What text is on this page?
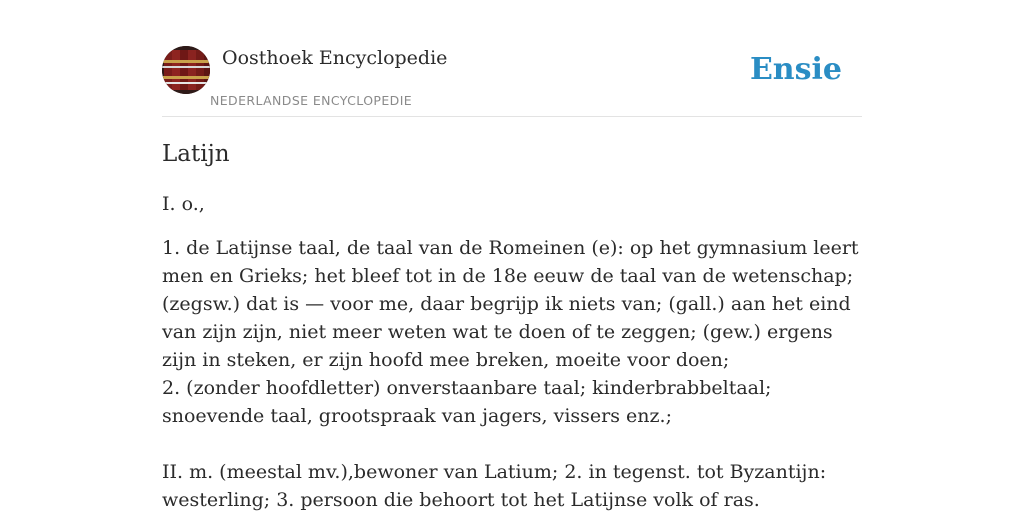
Oosthoek Encyclopedie
NEDERLANDSE ENCYCLOPEDIE
Ensie
Latijn

I. o.,

1. de Latijnse taal, de taal van de Romeinen (e): op het gymnasium leert men en Grieks; het bleef tot in de 18e eeuw de taal van de wetenschap; (zegsw.) dat is — voor me, daar begrijp ik niets van; (gall.) aan het eind van zijn zijn, niet meer weten wat te doen of te zeggen; (gew.) ergens zijn in steken, er zijn hoofd mee breken, moeite voor doen;

2. (zonder hoofdletter) onverstaanbare taal; kinderbrabbeltaal; snoevende taal, grootspraak van jagers, vissers enz.;

II. m. (meestal mv.),bewoner van Latium; 2. in tegenst. tot Byzantijn: westerling; 3. persoon die behoort tot het Latijnse volk of ras.
